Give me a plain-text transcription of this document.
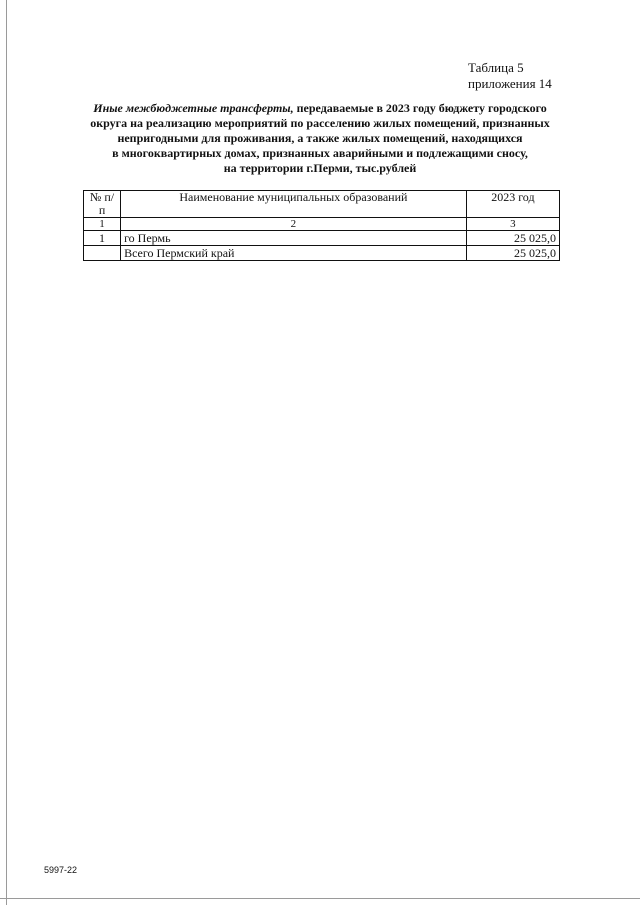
Таблица 5
приложения 14
Иные межбюджетные трансферты, передаваемые в 2023 году бюджету городского
округа на реализацию мероприятий по расселению жилых помещений, признанных
непригодными для проживания, а также жилых помещений, находящихся
в многоквартирных домах, признанных аварийными и подлежащими сносу,
на территории г.Перми, тыс.рублей
№ п/п	Наименование муниципальных образований	2023 год
1	2	3
1	го Пермь	25 025,0
	Всего Пермский край	25 025,0
5997-22
